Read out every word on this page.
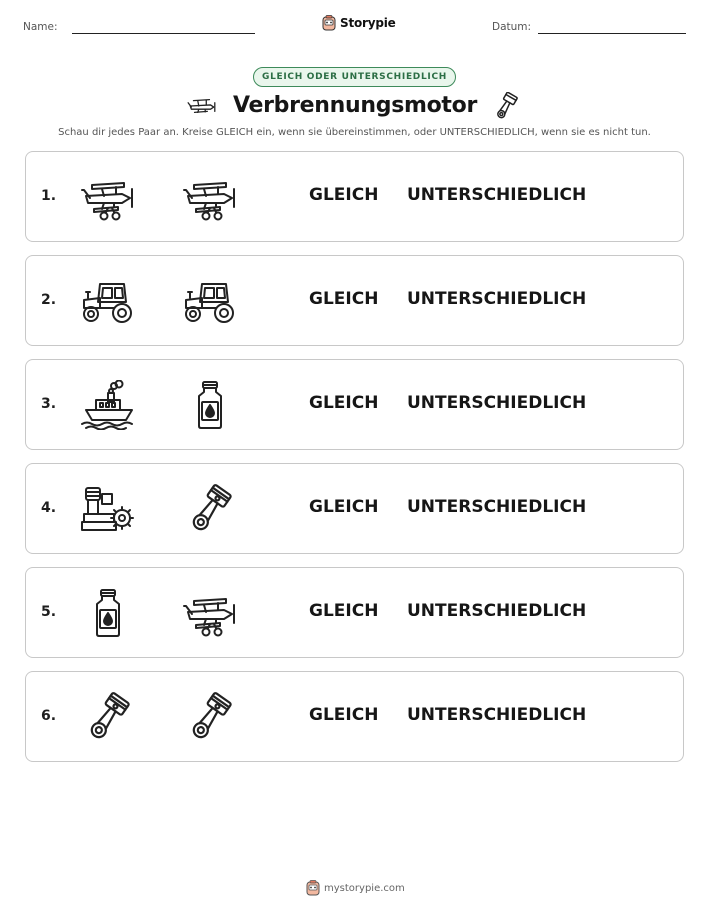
Name:	Storypie	Datum:
GLEICH ODER UNTERSCHIEDLICH
Verbrennungsmotor
Schau dir jedes Paar an. Kreise GLEICH ein, wenn sie übereinstimmen, oder UNTERSCHIEDLICH, wenn sie es nicht tun.
1.	GLEICH UNTERSCHIEDLICH
2.	GLEICH UNTERSCHIEDLICH
3.	GLEICH UNTERSCHIEDLICH
4.	GLEICH UNTERSCHIEDLICH
5.	GLEICH UNTERSCHIEDLICH
6.	GLEICH UNTERSCHIEDLICH
mystorypie.com
